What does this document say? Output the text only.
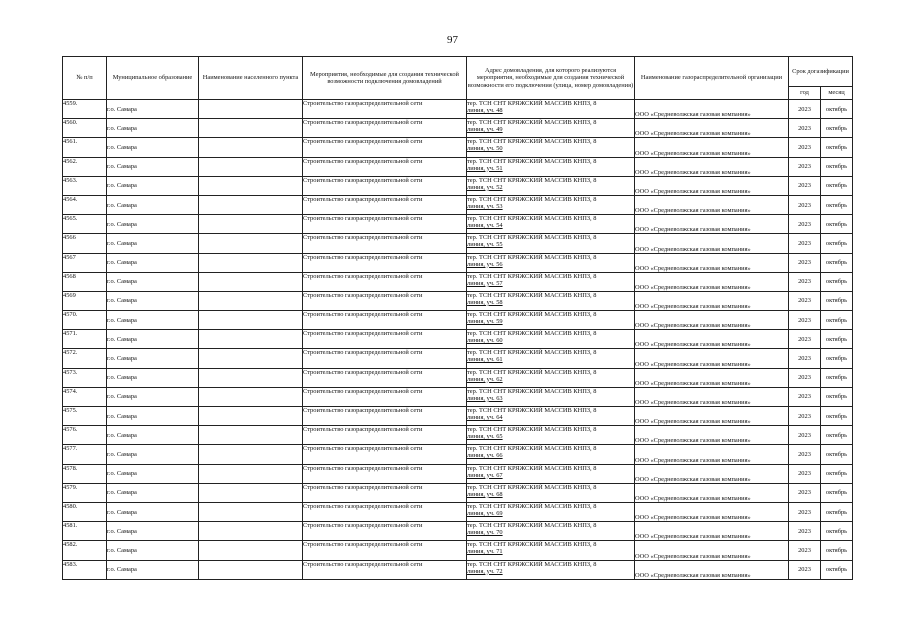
97
№ п/п	Муниципальное образование	Наименование населенного пункта	Мероприятия, необходимые для создания технической возможности подключения домовладений	Адрес домовладения, для которого реализуются мероприятия, необходимые для создания технической возможности его подключения (улица, номер домовладения)	Наименование газораспределительной организации	Срок догазификации	
						год	месяц
4559.	г.о. Самара		Строительство газораспределительной сети	тер. ТСН СНТ КРЯЖСКИЙ МАССИВ КНПЗ, 8
линия, уч. 48	ООО «Средневолжская газовая компания»	2023	октябрь
4560.	г.о. Самара		Строительство газораспределительной сети	тер. ТСН СНТ КРЯЖСКИЙ МАССИВ КНПЗ, 8
линия, уч. 49	ООО «Средневолжская газовая компания»	2023	октябрь
4561.	г.о. Самара		Строительство газораспределительной сети	тер. ТСН СНТ КРЯЖСКИЙ МАССИВ КНПЗ, 8
линия, уч. 50	ООО «Средневолжская газовая компания»	2023	октябрь
4562.	г.о. Самара		Строительство газораспределительной сети	тер. ТСН СНТ КРЯЖСКИЙ МАССИВ КНПЗ, 8
линия, уч. 51	ООО «Средневолжская газовая компания»	2023	октябрь
4563.	г.о. Самара		Строительство газораспределительной сети	тер. ТСН СНТ КРЯЖСКИЙ МАССИВ КНПЗ, 8
линия, уч. 52	ООО «Средневолжская газовая компания»	2023	октябрь
4564.	г.о. Самара		Строительство газораспределительной сети	тер. ТСН СНТ КРЯЖСКИЙ МАССИВ КНПЗ, 8
линия, уч. 53	ООО «Средневолжская газовая компания»	2023	октябрь
4565.	г.о. Самара		Строительство газораспределительной сети	тер. ТСН СНТ КРЯЖСКИЙ МАССИВ КНПЗ, 8
линия, уч. 54	ООО «Средневолжская газовая компания»	2023	октябрь
4566	г.о. Самара		Строительство газораспределительной сети	тер. ТСН СНТ КРЯЖСКИЙ МАССИВ КНПЗ, 8
линия, уч. 55	ООО «Средневолжская газовая компания»	2023	октябрь
4567	г.о. Самара		Строительство газораспределительной сети	тер. ТСН СНТ КРЯЖСКИЙ МАССИВ КНПЗ, 8
линия, уч. 56	ООО «Средневолжская газовая компания»	2023	октябрь
4568	г.о. Самара		Строительство газораспределительной сети	тер. ТСН СНТ КРЯЖСКИЙ МАССИВ КНПЗ, 8
линия, уч. 57	ООО «Средневолжская газовая компания»	2023	октябрь
4569	г.о. Самара		Строительство газораспределительной сети	тер. ТСН СНТ КРЯЖСКИЙ МАССИВ КНПЗ, 8
линия, уч. 58	ООО «Средневолжская газовая компания»	2023	октябрь
4570.	г.о. Самара		Строительство газораспределительной сети	тер. ТСН СНТ КРЯЖСКИЙ МАССИВ КНПЗ, 8
линия, уч. 59	ООО «Средневолжская газовая компания»	2023	октябрь
4571.	г.о. Самара		Строительство газораспределительной сети	тер. ТСН СНТ КРЯЖСКИЙ МАССИВ КНПЗ, 8
линия, уч. 60	ООО «Средневолжская газовая компания»	2023	октябрь
4572.	г.о. Самара		Строительство газораспределительной сети	тер. ТСН СНТ КРЯЖСКИЙ МАССИВ КНПЗ, 8
линия, уч. 61	ООО «Средневолжская газовая компания»	2023	октябрь
4573.	г.о. Самара		Строительство газораспределительной сети	тер. ТСН СНТ КРЯЖСКИЙ МАССИВ КНПЗ, 8
линия, уч. 62	ООО «Средневолжская газовая компания»	2023	октябрь
4574.	г.о. Самара		Строительство газораспределительной сети	тер. ТСН СНТ КРЯЖСКИЙ МАССИВ КНПЗ, 8
линия, уч. 63	ООО «Средневолжская газовая компания»	2023	октябрь
4575.	г.о. Самара		Строительство газораспределительной сети	тер. ТСН СНТ КРЯЖСКИЙ МАССИВ КНПЗ, 8
линия, уч. 64	ООО «Средневолжская газовая компания»	2023	октябрь
4576.	г.о. Самара		Строительство газораспределительной сети	тер. ТСН СНТ КРЯЖСКИЙ МАССИВ КНПЗ, 8
линия, уч. 65	ООО «Средневолжская газовая компания»	2023	октябрь
4577.	г.о. Самара		Строительство газораспределительной сети	тер. ТСН СНТ КРЯЖСКИЙ МАССИВ КНПЗ, 8
линия, уч. 66	ООО «Средневолжская газовая компания»	2023	октябрь
4578.	г.о. Самара		Строительство газораспределительной сети	тер. ТСН СНТ КРЯЖСКИЙ МАССИВ КНПЗ, 8
линия, уч. 67	ООО «Средневолжская газовая компания»	2023	октябрь
4579.	г.о. Самара		Строительство газораспределительной сети	тер. ТСН СНТ КРЯЖСКИЙ МАССИВ КНПЗ, 8
линия, уч. 68	ООО «Средневолжская газовая компания»	2023	октябрь
4580.	г.о. Самара		Строительство газораспределительной сети	тер. ТСН СНТ КРЯЖСКИЙ МАССИВ КНПЗ, 8
линия, уч. 69	ООО «Средневолжская газовая компания»	2023	октябрь
4581.	г.о. Самара		Строительство газораспределительной сети	тер. ТСН СНТ КРЯЖСКИЙ МАССИВ КНПЗ, 8
линия, уч. 70	ООО «Средневолжская газовая компания»	2023	октябрь
4582.	г.о. Самара		Строительство газораспределительной сети	тер. ТСН СНТ КРЯЖСКИЙ МАССИВ КНПЗ, 8
линия, уч. 71	ООО «Средневолжская газовая компания»	2023	октябрь
4583.	г.о. Самара		Строительство газораспределительной сети	тер. ТСН СНТ КРЯЖСКИЙ МАССИВ КНПЗ, 8
линия, уч. 72	ООО «Средневолжская газовая компания»	2023	октябрь
